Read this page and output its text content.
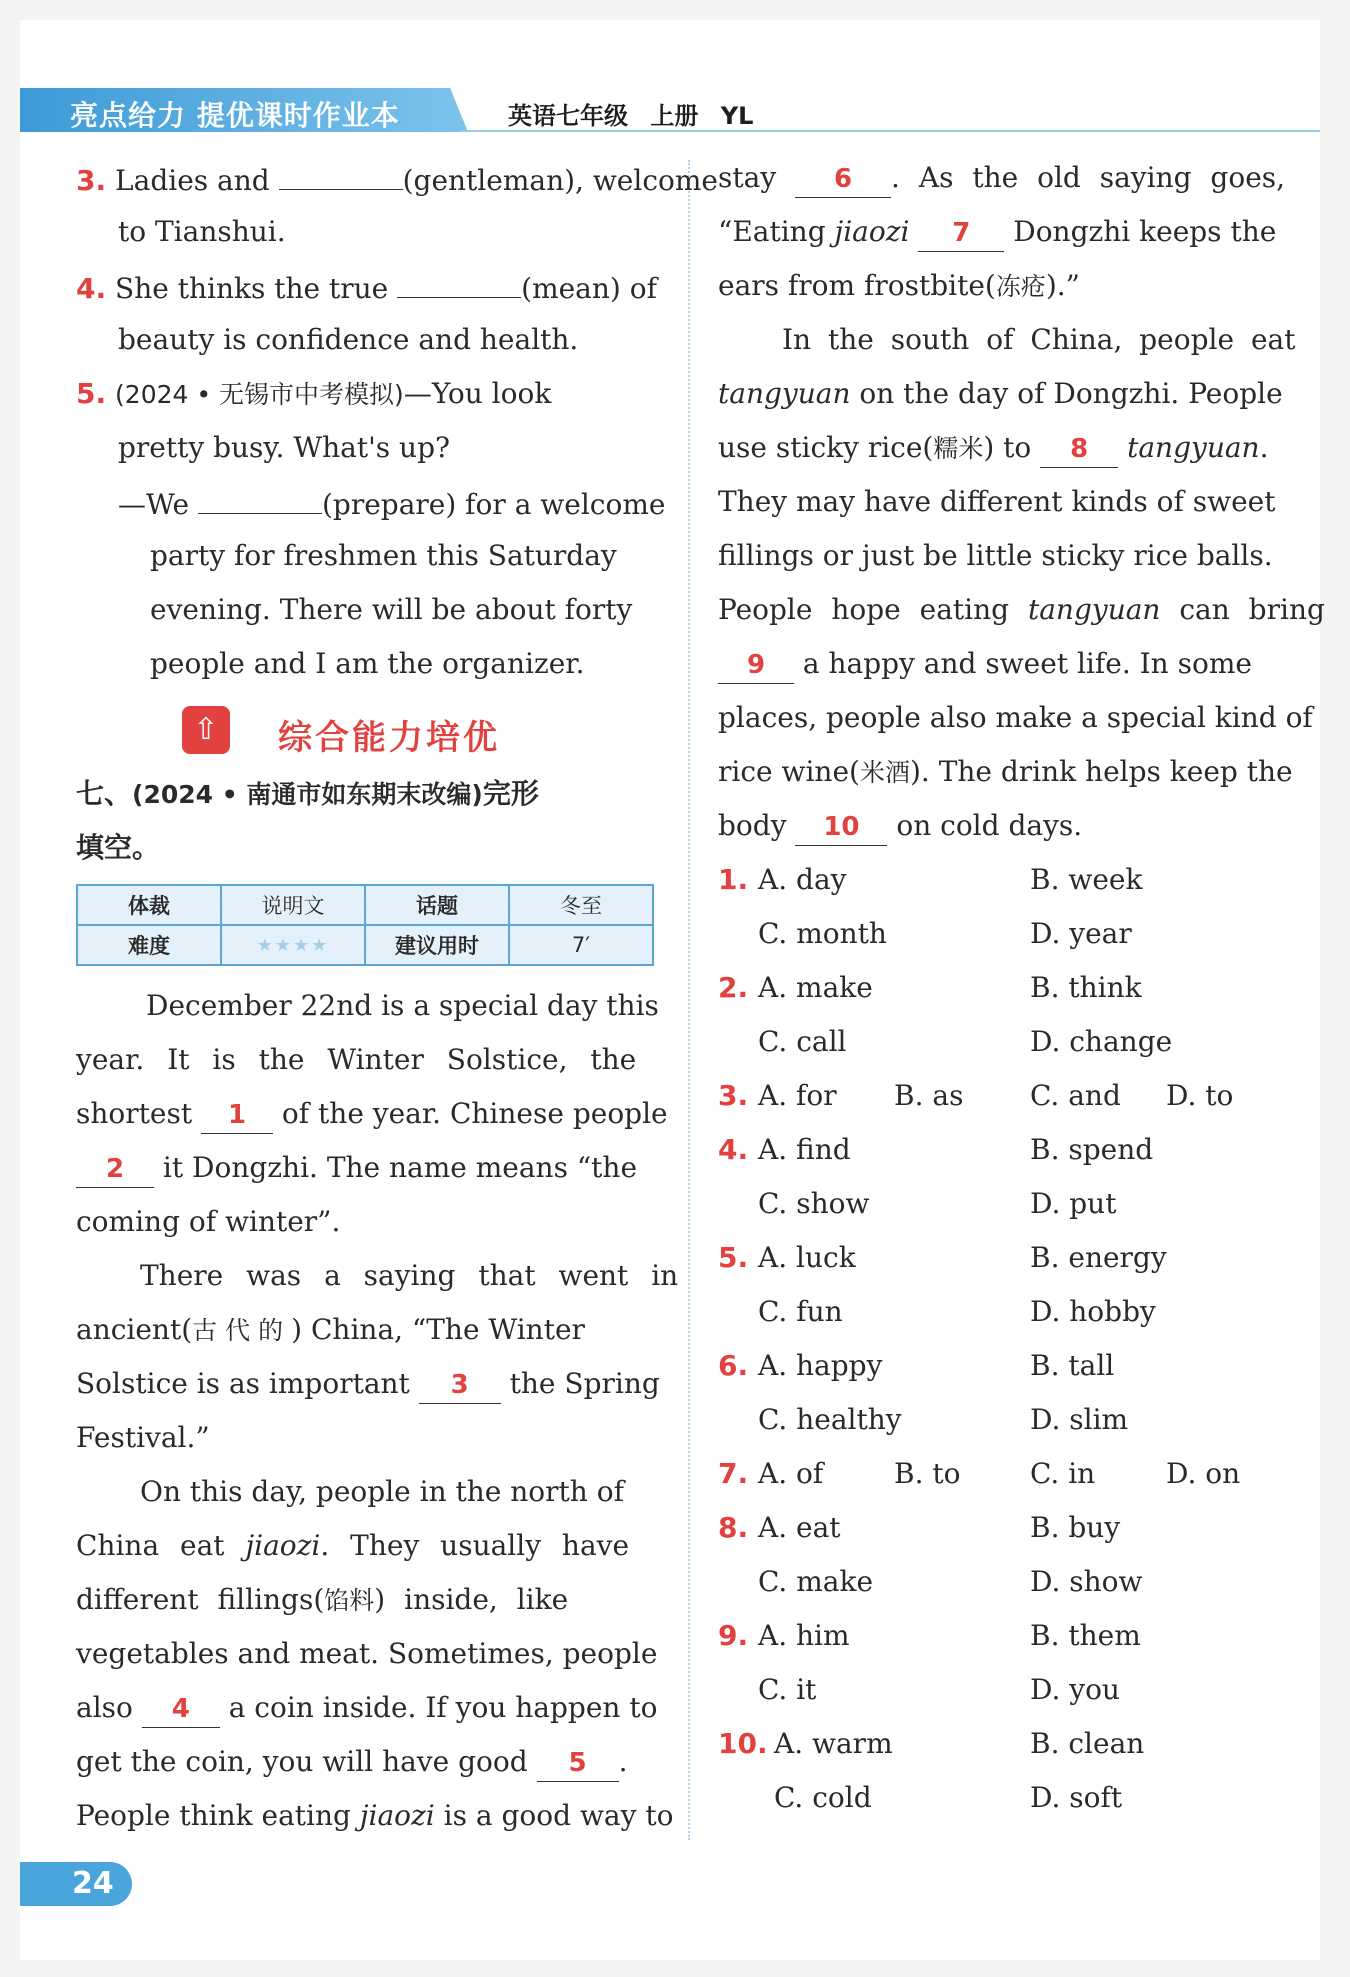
亮点给力 提优课时作业本	英语七年级 上册 YL
3. Ladies and	(gentleman), welcome
to Tianshui.
4. She thinks the true	(mean) of
beauty is confidence and health.
5. (2024 • 无锡市中考模拟)—You look
pretty busy. What's up?
—We	(prepare) for a welcome
party for freshmen this Saturday
evening. There will be about forty
people and I am the organizer.
⇧	综合能力培优
七、(2024 • 南通市如东期末改编)完形
填空。
体裁	说明文	话题	冬至
难度	★★★★	建议用时	7′
December 22nd is a special day this
year. It is the Winter Solstice, the
shortest 1 of the year. Chinese people
2 it Dongzhi. The name means “the
coming of winter”.
There was a saying that went in
ancient(古代的) China, “The Winter
Solstice is as important 3 the Spring
Festival.”
On this day, people in the north of
China eat jiaozi. They usually have
different fillings(馅料) inside, like
vegetables and meat. Sometimes, people
also 4 a coin inside. If you happen to
get the coin, you will have good 5 .
People think eating jiaozi is a good way to
stay 6 . As the old saying goes,
“Eating jiaozi 7 Dongzhi keeps the
ears from frostbite(冻疮).”
In the south of China, people eat
tangyuan on the day of Dongzhi. People
use sticky rice(糯米) to 8 tangyuan.
They may have different kinds of sweet
fillings or just be little sticky rice balls.
People hope eating tangyuan can bring
9 a happy and sweet life. In some
places, people also make a special kind of
rice wine(米酒). The drink helps keep the
body 10 on cold days.
1. A. day	B. week
C. month	D. year
2. A. make	B. think
C. call	D. change
3. A. for B. as C. and D. to
4. A. find	B. spend
C. show	D. put
5. A. luck	B. energy
C. fun	D. hobby
6. A. happy	B. tall
C. healthy	D. slim
7. A. of	B. to C. in	D. on
8. A. eat	B. buy
C. make	D. show
9. A. him	B. them
C. it	D. you
10. A. warm	B. clean
C. cold	D. soft
24
